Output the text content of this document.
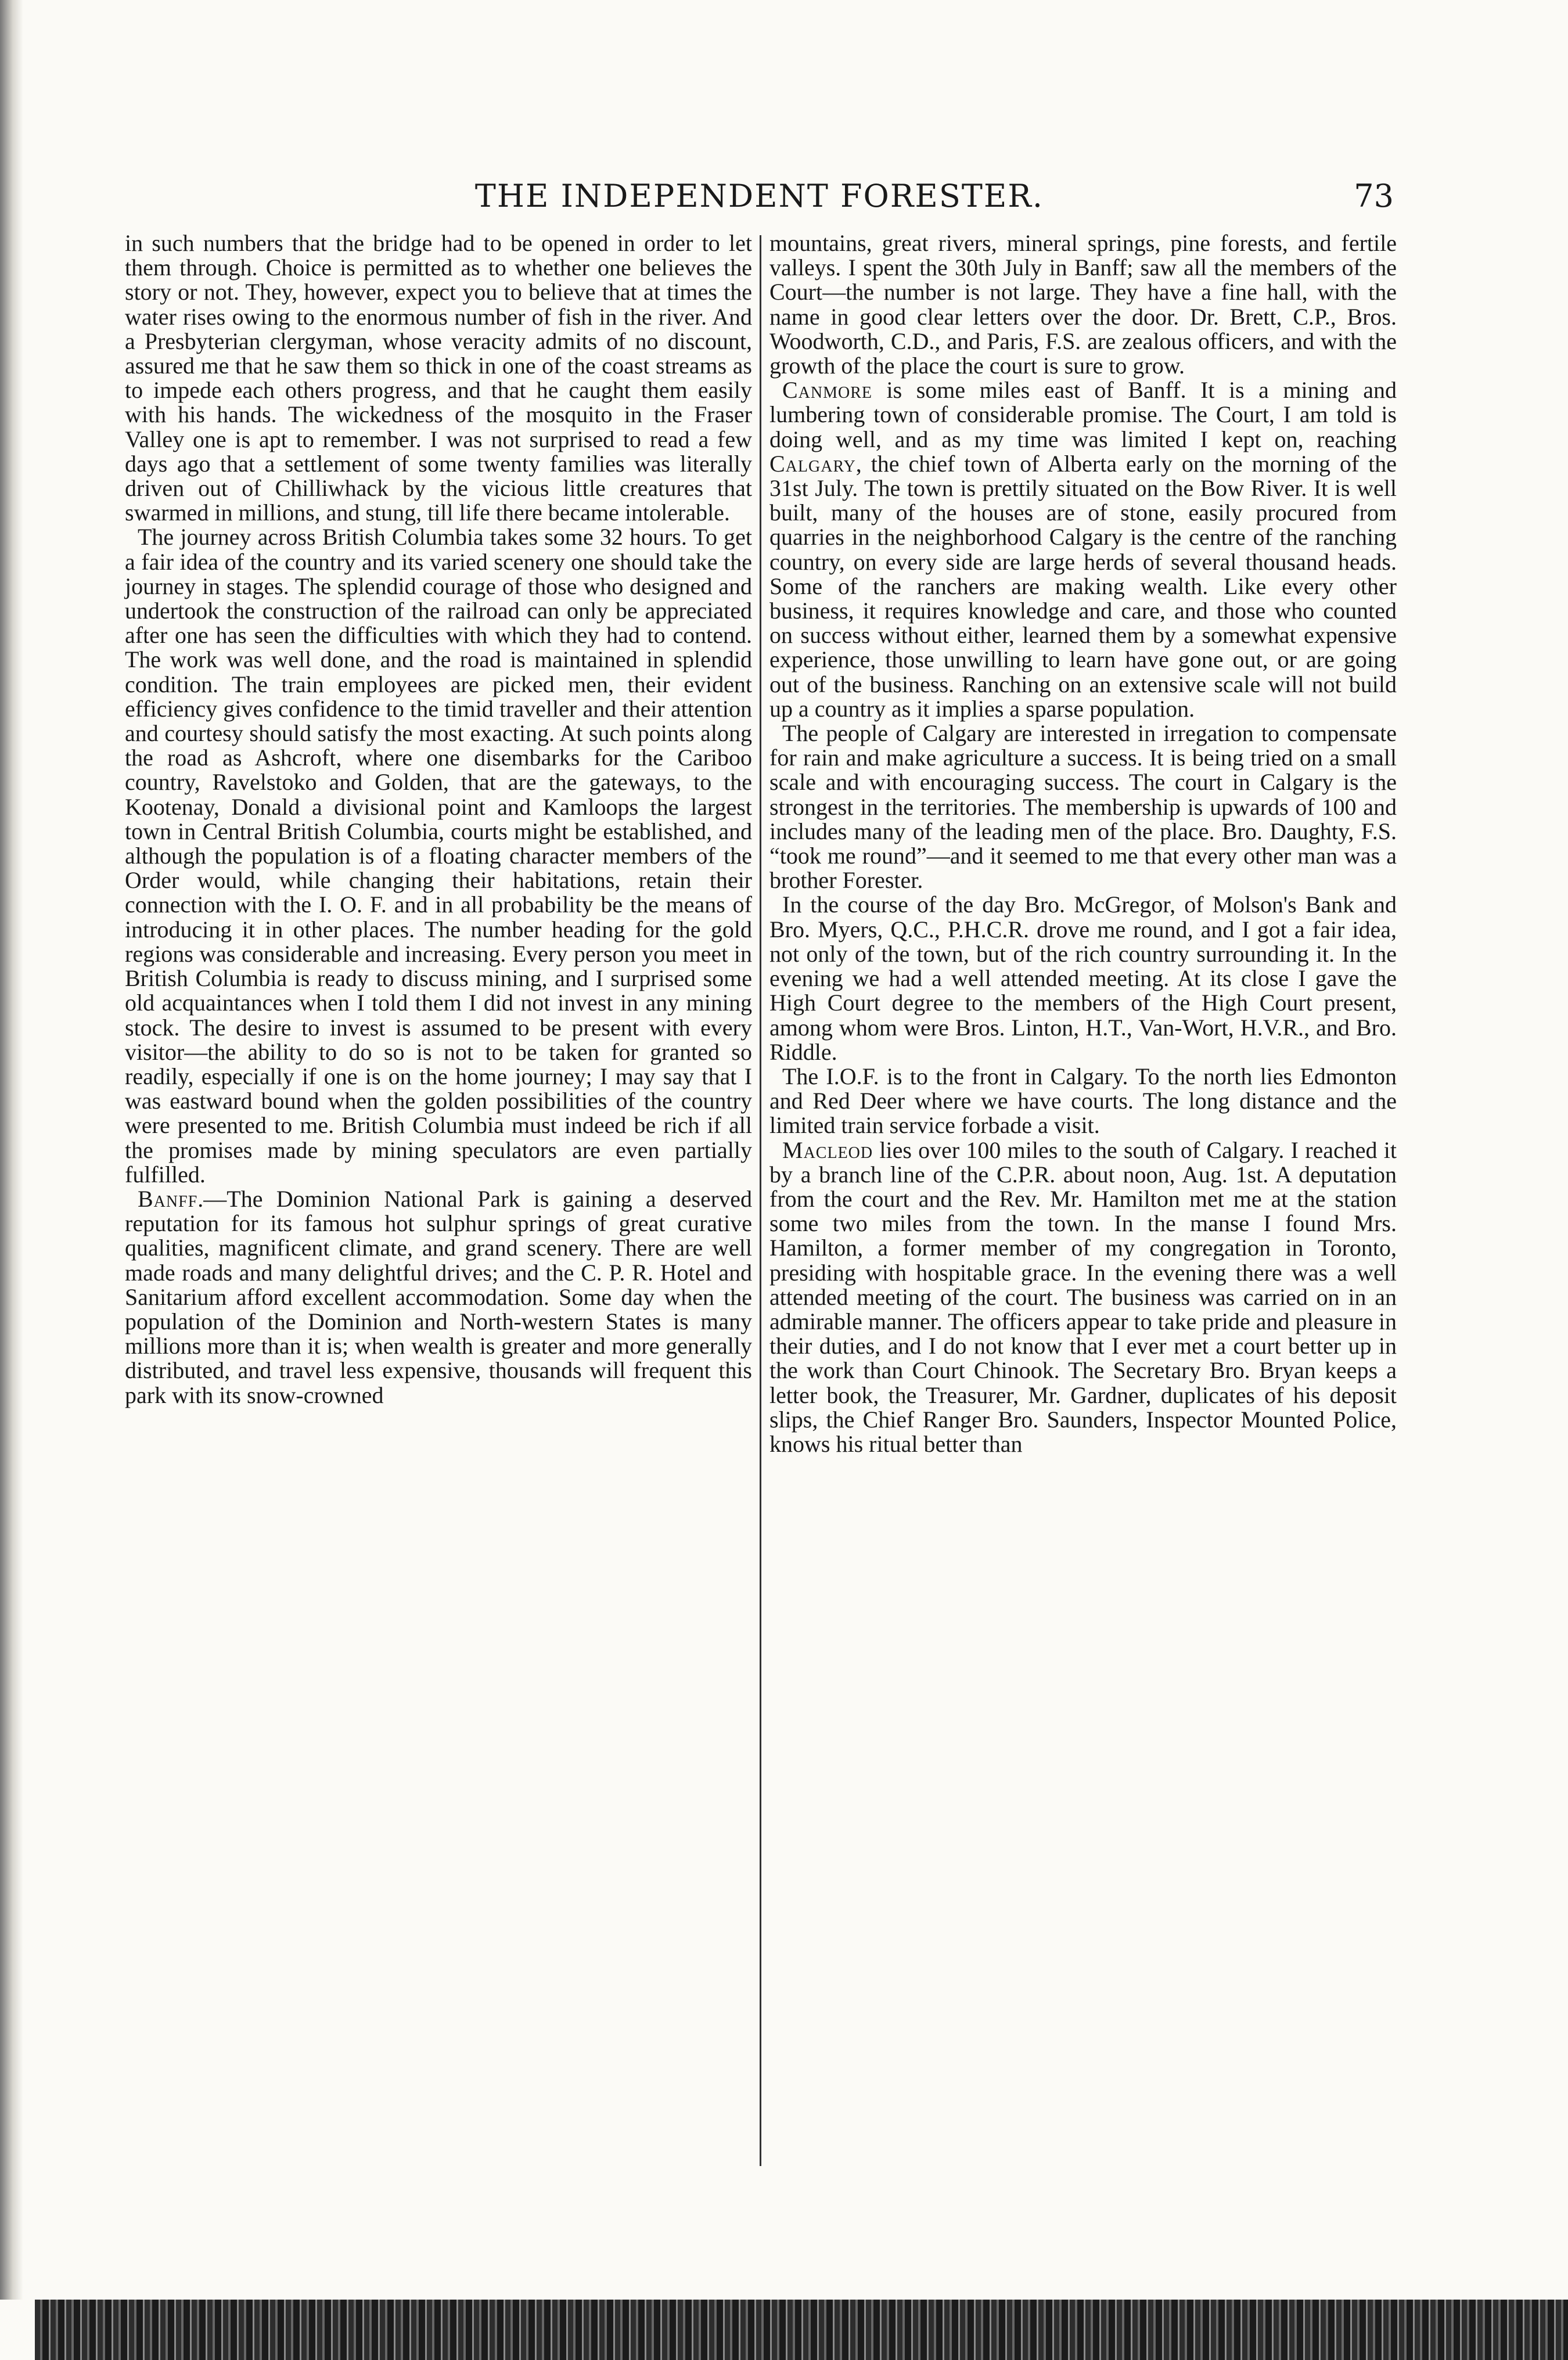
THE INDEPENDENT FORESTER.	73

in such numbers that the bridge had to be opened in order to let them through. Choice is permitted as to whether one believes the story or not. They, however, expect you to believe that at times the water rises owing to the enormous number of fish in the river. And a Presbyterian clergyman, whose veracity admits of no discount, assured me that he saw them so thick in one of the coast streams as to impede each others progress, and that he caught them easily with his hands. The wickedness of the mosquito in the Fraser Valley one is apt to remember. I was not surprised to read a few days ago that a settlement of some twenty families was literally driven out of Chilliwhack by the vicious little creatures that swarmed in millions, and stung, till life there became intolerable.

The journey across British Columbia takes some 32 hours. To get a fair idea of the country and its varied scenery one should take the journey in stages. The splendid courage of those who designed and undertook the construction of the railroad can only be appreciated after one has seen the difficulties with which they had to contend. The work was well done, and the road is maintained in splendid condition. The train employees are picked men, their evident efficiency gives confidence to the timid traveller and their attention and courtesy should satisfy the most exacting. At such points along the road as Ashcroft, where one disembarks for the Cariboo country, Ravelstoko and Golden, that are the gateways, to the Kootenay, Donald a divisional point and Kamloops the largest town in Central British Columbia, courts might be established, and although the population is of a floating character members of the Order would, while changing their habitations, retain their connection with the I. O. F. and in all probability be the means of introducing it in other places. The number heading for the gold regions was considerable and increasing. Every person you meet in British Columbia is ready to discuss mining, and I surprised some old acquaintances when I told them I did not invest in any mining stock. The desire to invest is assumed to be present with every visitor—the ability to do so is not to be taken for granted so readily, especially if one is on the home journey; I may say that I was eastward bound when the golden possibilities of the country were presented to me. British Columbia must indeed be rich if all the promises made by mining speculators are even partially fulfilled.

Banff.—The Dominion National Park is gaining a deserved reputation for its famous hot sulphur springs of great curative qualities, magnificent climate, and grand scenery. There are well made roads and many delightful drives; and the C. P. R. Hotel and Sanitarium afford excellent accommodation. Some day when the population of the Dominion and North-western States is many millions more than it is; when wealth is greater and more generally distributed, and travel less expensive, thousands will frequent this park with its snow-crowned

mountains, great rivers, mineral springs, pine forests, and fertile valleys. I spent the 30th July in Banff; saw all the members of the Court—the number is not large. They have a fine hall, with the name in good clear letters over the door. Dr. Brett, C.P., Bros. Woodworth, C.D., and Paris, F.S. are zealous officers, and with the growth of the place the court is sure to grow.

Canmore is some miles east of Banff. It is a mining and lumbering town of considerable promise. The Court, I am told is doing well, and as my time was limited I kept on, reaching Calgary, the chief town of Alberta early on the morning of the 31st July. The town is prettily situated on the Bow River. It is well built, many of the houses are of stone, easily procured from quarries in the neighborhood Calgary is the centre of the ranching country, on every side are large herds of several thousand heads. Some of the ranchers are making wealth. Like every other business, it requires knowledge and care, and those who counted on success without either, learned them by a somewhat expensive experience, those unwilling to learn have gone out, or are going out of the business. Ranching on an extensive scale will not build up a country as it implies a sparse population.

The people of Calgary are interested in irregation to compensate for rain and make agriculture a success. It is being tried on a small scale and with encouraging success. The court in Calgary is the strongest in the territories. The membership is upwards of 100 and includes many of the leading men of the place. Bro. Daughty, F.S. “took me round”—and it seemed to me that every other man was a brother Forester.

In the course of the day Bro. McGregor, of Molson's Bank and Bro. Myers, Q.C., P.H.C.R. drove me round, and I got a fair idea, not only of the town, but of the rich country surrounding it. In the evening we had a well attended meeting. At its close I gave the High Court degree to the members of the High Court present, among whom were Bros. Linton, H.T., Van-Wort, H.V.R., and Bro. Riddle.

The I.O.F. is to the front in Calgary. To the north lies Edmonton and Red Deer where we have courts. The long distance and the limited train service forbade a visit.

Macleod lies over 100 miles to the south of Calgary. I reached it by a branch line of the C.P.R. about noon, Aug. 1st. A deputation from the court and the Rev. Mr. Hamilton met me at the station some two miles from the town. In the manse I found Mrs. Hamilton, a former member of my congregation in Toronto, presiding with hospitable grace. In the evening there was a well attended meeting of the court. The business was carried on in an admirable manner. The officers appear to take pride and pleasure in their duties, and I do not know that I ever met a court better up in the work than Court Chinook. The Secretary Bro. Bryan keeps a letter book, the Treasurer, Mr. Gardner, duplicates of his deposit slips, the Chief Ranger Bro. Saunders, Inspector Mounted Police, knows his ritual better than
